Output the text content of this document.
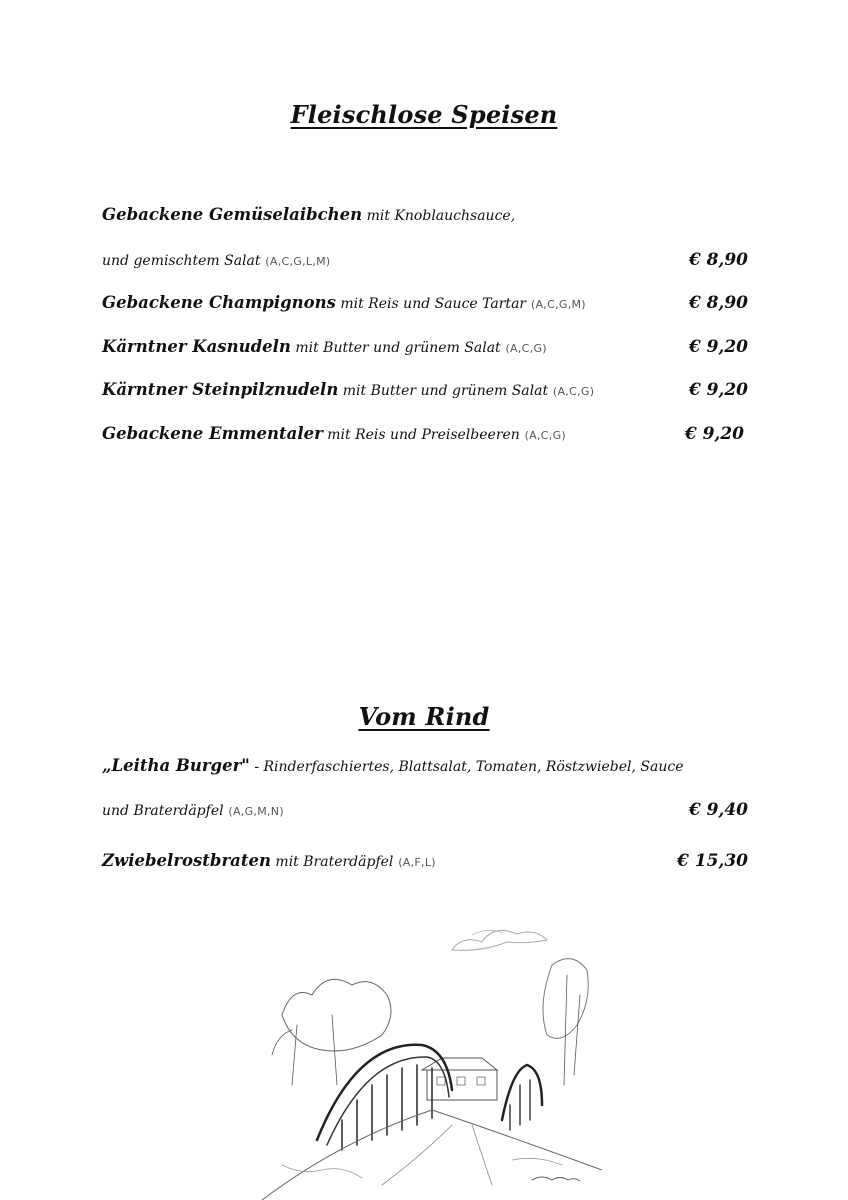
Fleischlose Speisen
Gebackene Gemüselaibchen mit Knoblauchsauce,
und gemischtem Salat (A,C,G,L,M)	€ 8,90
Gebackene Champignons mit Reis und Sauce Tartar (A,C,G,M)	€ 8,90
Kärntner Kasnudeln mit Butter und grünem Salat (A,C,G)	€ 9,20
Kärntner Steinpilznudeln mit Butter und grünem Salat (A,C,G)	€ 9,20
Gebackene Emmentaler mit Reis und Preiselbeeren (A,C,G)	€ 9,20
Vom Rind
„Leitha Burger" - Rinderfaschiertes, Blattsalat, Tomaten, Röstzwiebel, Sauce
und Braterdäpfel (A,G,M,N)	€ 9,40
Zwiebelrostbraten mit Braterdäpfel (A,F,L)	€ 15,30
